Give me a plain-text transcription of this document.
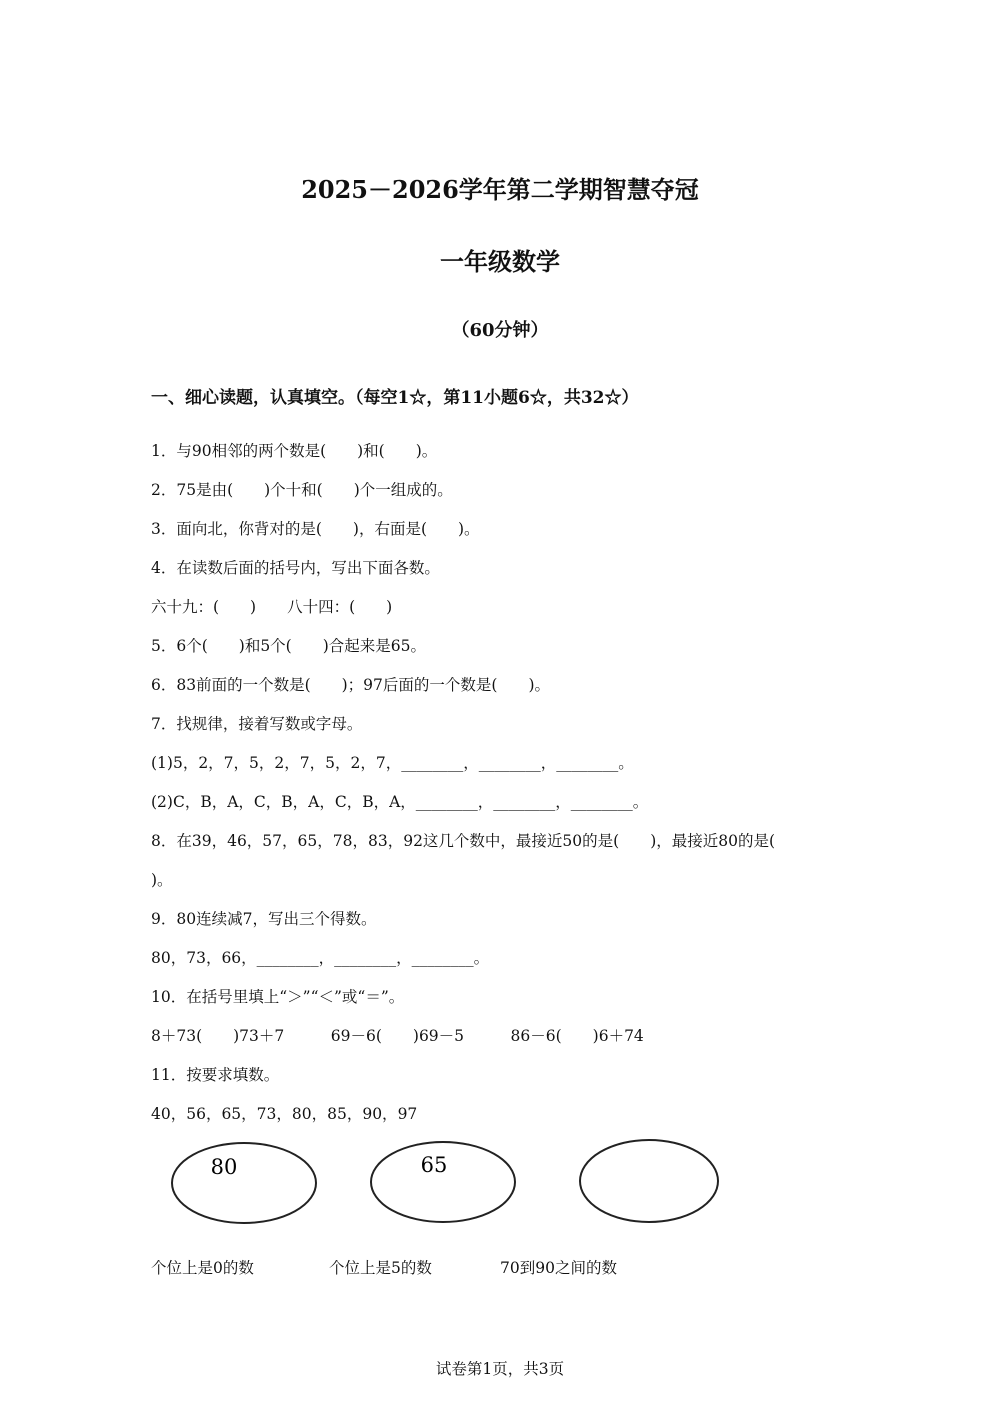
2025－2026学年第二学期智慧夺冠
一年级数学
（60分钟）
一、细心读题，认真填空。（每空1☆，第11小题6☆，共32☆）
1．与90相邻的两个数是(　　)和(　　)。
2．75是由(　　)个十和(　　)个一组成的。
3．面向北，你背对的是(　　)，右面是(　　)。
4．在读数后面的括号内，写出下面各数。
六十九：(　　)　　八十四：(　　)
5．6个(　　)和5个(　　)合起来是65。
6．83前面的一个数是(　　)；97后面的一个数是(　　)。
7．找规律，接着写数或字母。
(1)5，2，7，5，2，7，5，2，7，________，________，________。
(2)C，B，A，C，B，A，C，B，A，________，________，________。
8．在39，46，57，65，78，83，92这几个数中，最接近50的是(　　)，最接近80的是(
)。
9．80连续减7，写出三个得数。
80，73，66，________，________，________。
10．在括号里填上“＞”“＜”或“＝”。
8＋73(　　)73＋7　　　69－6(　　)69－5　　　86－6(　　)6＋74
11．按要求填数。
40，56，65，73，80，85，90，97
80	65
个位上是0的数	个位上是5的数	70到90之间的数
试卷第1页，共3页
